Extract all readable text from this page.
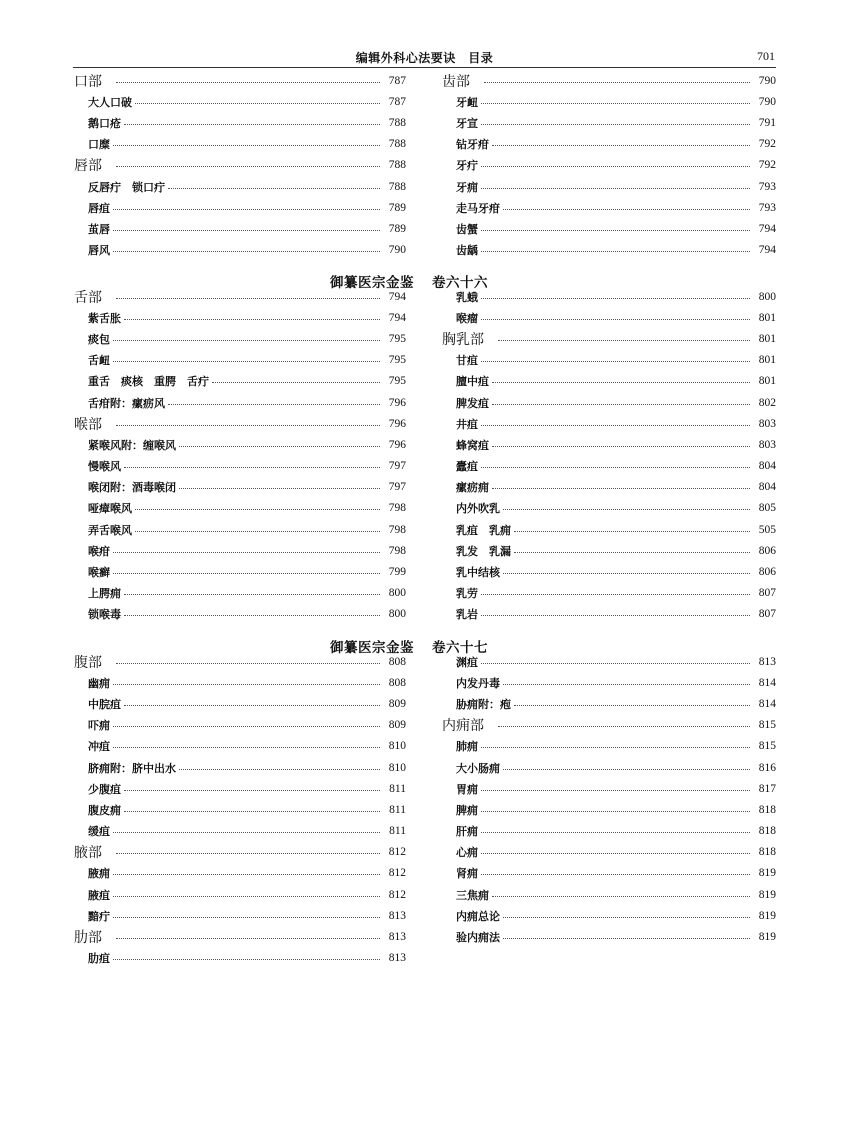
编辑外科心法要诀　目录	701
口部	787
大人口破	787
鹅口疮	788
口糜	788
唇部	788
反唇疔　锁口疔	788
唇疽	789
茧唇	789
唇风	790
齿部	790
牙衄	790
牙宣	791
钻牙疳	792
牙疔	792
牙痈	793
走马牙疳	793
齿蟹	794
齿龋	794
御纂医宗金鉴 卷六十六
舌部	794
紫舌胀	794
痰包	795
舌衄	795
重舌　痰核　重腭　舌疔	795
舌疳附：瘰疬风	796
喉部	796
紧喉风附：缠喉风	796
慢喉风	797
喉闭附：酒毒喉闭	797
哑瘴喉风	798
弄舌喉风	798
喉疳	798
喉癣	799
上腭痈	800
锁喉毒	800
乳蛾	800
喉瘤	801
胸乳部	801
甘疽	801
膻中疽	801
脾发疽	802
井疽	803
蜂窝疽	803
蠹疽	804
瘰疬痈	804
内外吹乳	805
乳疽　乳痈	505
乳发　乳漏	806
乳中结核	806
乳劳	807
乳岩	807
御纂医宗金鉴 卷六十七
腹部	808
幽痈	808
中脘疽	809
吓痈	809
冲疽	810
脐痈附：脐中出水	810
少腹疽	811
腹皮痈	811
缓疽	811
腋部	812
腋痈	812
腋疽	812
黯疔	813
肋部	813
肋疽	813
渊疽	813
内发丹毒	814
胁痈附：疱	814
内痈部	815
肺痈	815
大小肠痈	816
胃痈	817
脾痈	818
肝痈	818
心痈	818
肾痈	819
三焦痈	819
内痈总论	819
验内痈法	819
